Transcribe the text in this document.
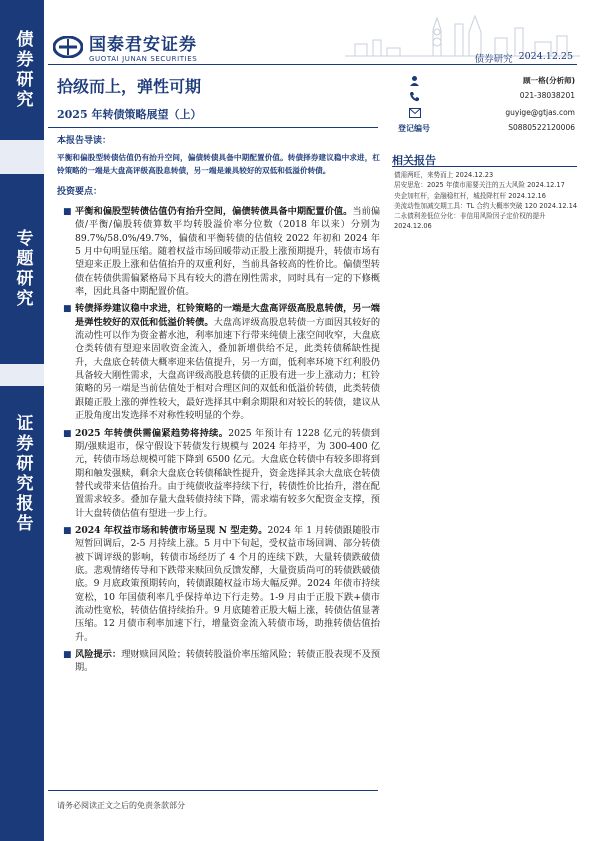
债券研究
专题研究
证券研究报告
国泰君安证券
GUOTAI JUNAN SECURITIES	债券研究 2024.12.25
拾级而上，弹性可期
2025 年转债策略展望（上）
顾一格(分析师)
021-38038201
guyige@gtjas.com
登记编号	S0880522120006
相关报告
债需两旺，来势而上 2024.12.23
居安思危：2025 年债市需要关注的五大风险 2024.12.17
央企加杠杆，金融稳杠杆，城投降杠杆 2024.12.16
美流动性加减交期工具：TL 合约大概率突破 120 2024.12.14
二永债利差低位分化：非信用风险因子定价权的提升 2024.12.06
本报告导读：
平衡和偏股型转债估值仍有抬升空间，偏债转债具备中期配置价值。转债择券建议稳中求进，杠铃策略的一端是大盘高评级高股息转债，另一端是兼具较好的双低和低溢价转债。
投资要点：
■ 平衡和偏股型转债估值仍有抬升空间，偏债转债具备中期配置价值。当前偏债/平衡/偏股转债算数平均转股溢价率分位数（2018 年以来）分别为 89.7%/58.0%/49.7%，偏债和平衡转债的估值较 2022 年初和 2024 年 5 月中旬明显压缩。随着权益市场回暖带动正股上涨预期提升，转债市场有望迎来正股上涨和估值抬升的双重利好，当前具备较高的性价比。偏债型转债在转债供需偏紧格局下具有较大的潜在刚性需求，同时具有一定的下修概率，因此具备中期配置价值。
■ 转债择券建议稳中求进，杠铃策略的一端是大盘高评级高股息转债，另一端是弹性较好的双低和低溢价转债。大盘高评级高股息转债一方面因其较好的流动性可以作为资金蓄水池，利率加速下行带来纯债上涨空间收窄，大盘底仓类转债有望迎来固收资金流入，叠加新增供给不足，此类转债稀缺性提升，大盘底仓转债大概率迎来估值提升，另一方面，低利率环境下红利股仍具备较大刚性需求，大盘高评级高股息转债的正股有进一步上涨动力；杠铃策略的另一端是当前估值处于相对合理区间的双低和低溢价转债，此类转债跟随正股上涨的弹性较大，最好选择其中剩余期限和对较长的转债，建议从正股角度出发选择不对称性较明显的个券。
■ 2025 年转债供需偏紧趋势将持续。2025 年预计有 1228 亿元的转债到期/强赎退市，保守假设下转债发行规模与 2024 年持平，为 300-400 亿元，转债市场总规模可能下降到 6500 亿元。大盘底仓转债中有较多即将到期和触发强赎，剩余大盘底仓转债稀缺性提升，资金选择其余大盘底仓转债替代或带来估值抬升。由于纯债收益率持续下行，转债性价比抬升，潜在配置需求较多。叠加存量大盘转债持续下降，需求端有较多欠配资金支撑，预计大盘转债估值有望进一步上行。
■ 2024 年权益市场和转债市场呈现 N 型走势。2024 年 1 月转债跟随股市短暂回调后，2-5 月持续上涨。5 月中下旬起，受权益市场回调、部分转债被下调评级的影响，转债市场经历了 4 个月的连续下跌，大量转债跌破债底。悲观情绪传导和下跌带来赎回负反馈发酵，大量资质尚可的转债跌破债底。9 月底政策预期转向，转债跟随权益市场大幅反弹。2024 年债市持续宽松，10 年国债利率几乎保持单边下行走势。1-9 月由于正股下跌+债市流动性宽松，转债估值持续抬升。9 月底随着正股大幅上涨，转债估值显著压缩。12 月债市利率加速下行，增量资金流入转债市场，助推转债估值抬升。
■ 风险提示：理财赎回风险；转债转股溢价率压缩风险；转债正股表现不及预期。
请务必阅读正文之后的免责条款部分
